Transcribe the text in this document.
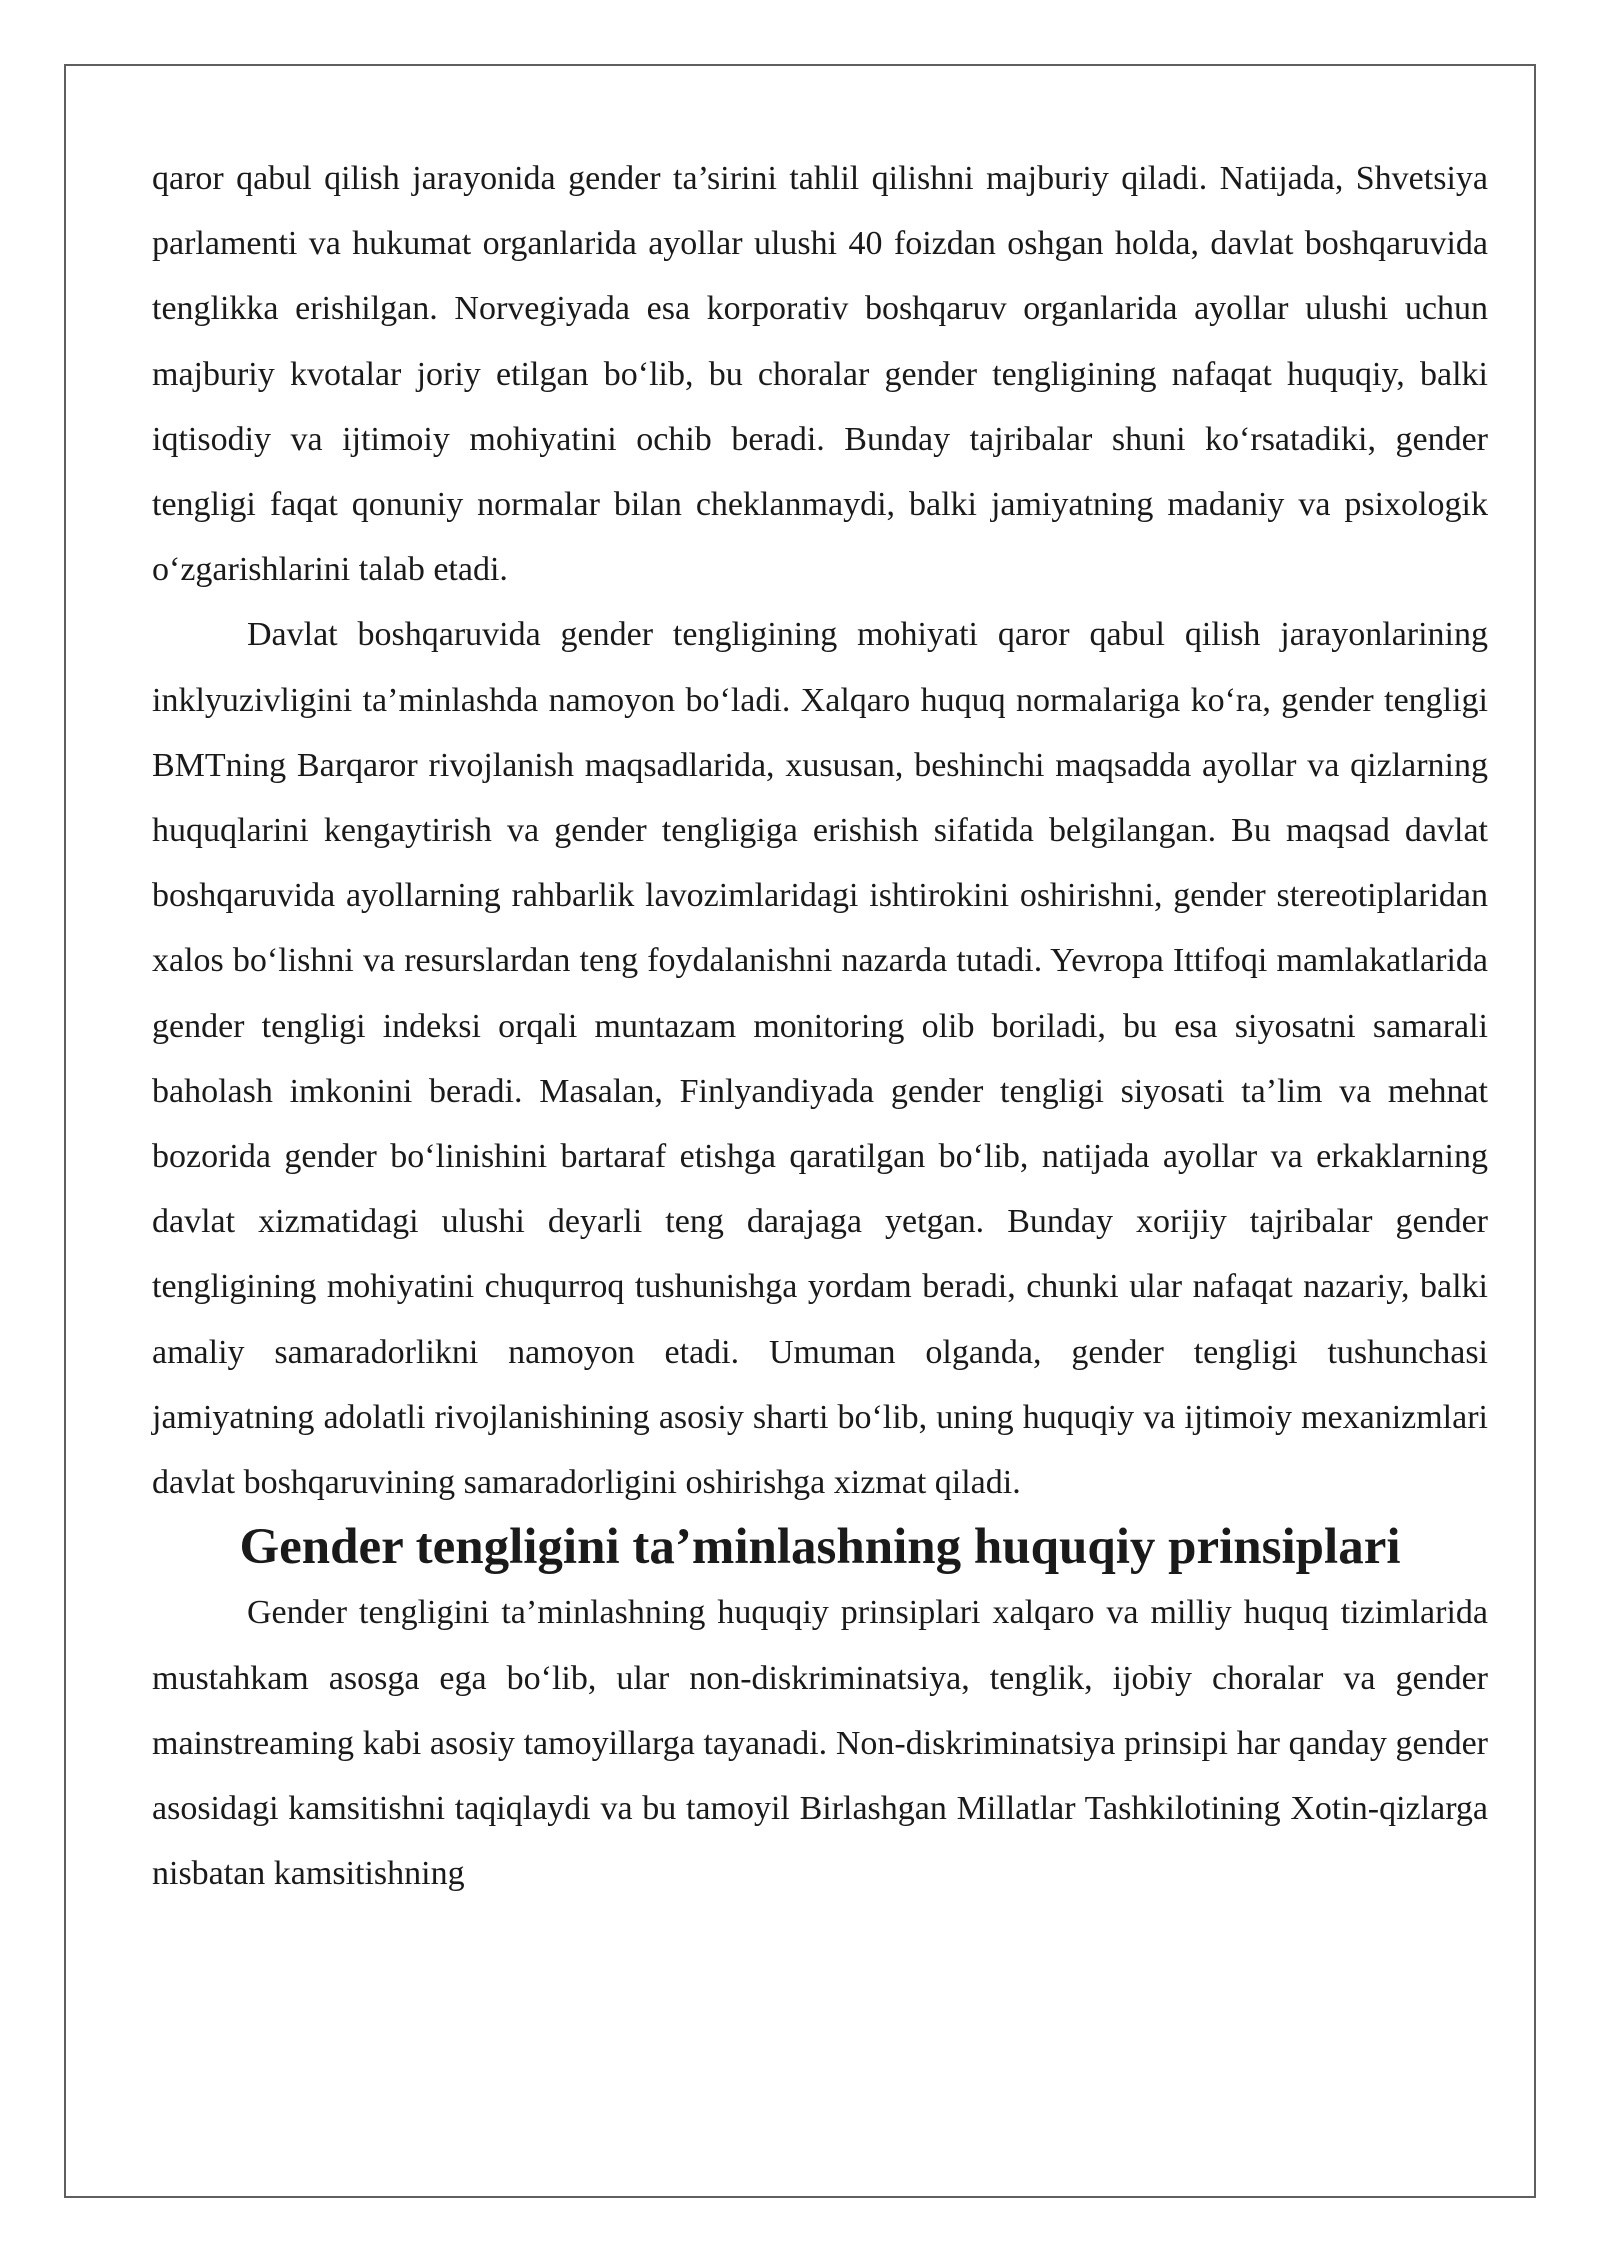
qaror qabul qilish jarayonida gender ta’sirini tahlil qilishni majburiy qiladi. Natijada, Shvetsiya parlamenti va hukumat organlarida ayollar ulushi 40 foizdan oshgan holda, davlat boshqaruvida tenglikka erishilgan. Norvegiyada esa korporativ boshqaruv organlarida ayollar ulushi uchun majburiy kvotalar joriy etilgan bo‘lib, bu choralar gender tengligining nafaqat huquqiy, balki iqtisodiy va ijtimoiy mohiyatini ochib beradi. Bunday tajribalar shuni ko‘rsatadiki, gender tengligi faqat qonuniy normalar bilan cheklanmaydi, balki jamiyatning madaniy va psixologik o‘zgarishlarini talab etadi.

Davlat boshqaruvida gender tengligining mohiyati qaror qabul qilish jarayonlarining inklyuzivligini ta’minlashda namoyon bo‘ladi. Xalqaro huquq normalariga ko‘ra, gender tengligi BMTning Barqaror rivojlanish maqsadlarida, xususan, beshinchi maqsadda ayollar va qizlarning huquqlarini kengaytirish va gender tengligiga erishish sifatida belgilangan. Bu maqsad davlat boshqaruvida ayollarning rahbarlik lavozimlaridagi ishtirokini oshirishni, gender stereotiplaridan xalos bo‘lishni va resurslardan teng foydalanishni nazarda tutadi. Yevropa Ittifoqi mamlakatlarida gender tengligi indeksi orqali muntazam monitoring olib boriladi, bu esa siyosatni samarali baholash imkonini beradi. Masalan, Finlyandiyada gender tengligi siyosati ta’lim va mehnat bozorida gender bo‘linishini bartaraf etishga qaratilgan bo‘lib, natijada ayollar va erkaklarning davlat xizmatidagi ulushi deyarli teng darajaga yetgan. Bunday xorijiy tajribalar gender tengligining mohiyatini chuqurroq tushunishga yordam beradi, chunki ular nafaqat nazariy, balki amaliy samaradorlikni namoyon etadi. Umuman olganda, gender tengligi tushunchasi jamiyatning adolatli rivojlanishining asosiy sharti bo‘lib, uning huquqiy va ijtimoiy mexanizmlari davlat boshqaruvining samaradorligini oshirishga xizmat qiladi.

Gender tengligini ta’minlashning huquqiy prinsiplari

Gender tengligini ta’minlashning huquqiy prinsiplari xalqaro va milliy huquq tizimlarida mustahkam asosga ega bo‘lib, ular non-diskriminatsiya, tenglik, ijobiy choralar va gender mainstreaming kabi asosiy tamoyillarga tayanadi. Non-diskriminatsiya prinsipi har qanday gender asosidagi kamsitishni taqiqlaydi va bu tamoyil Birlashgan Millatlar Tashkilotining Xotin-qizlarga nisbatan kamsitishning
